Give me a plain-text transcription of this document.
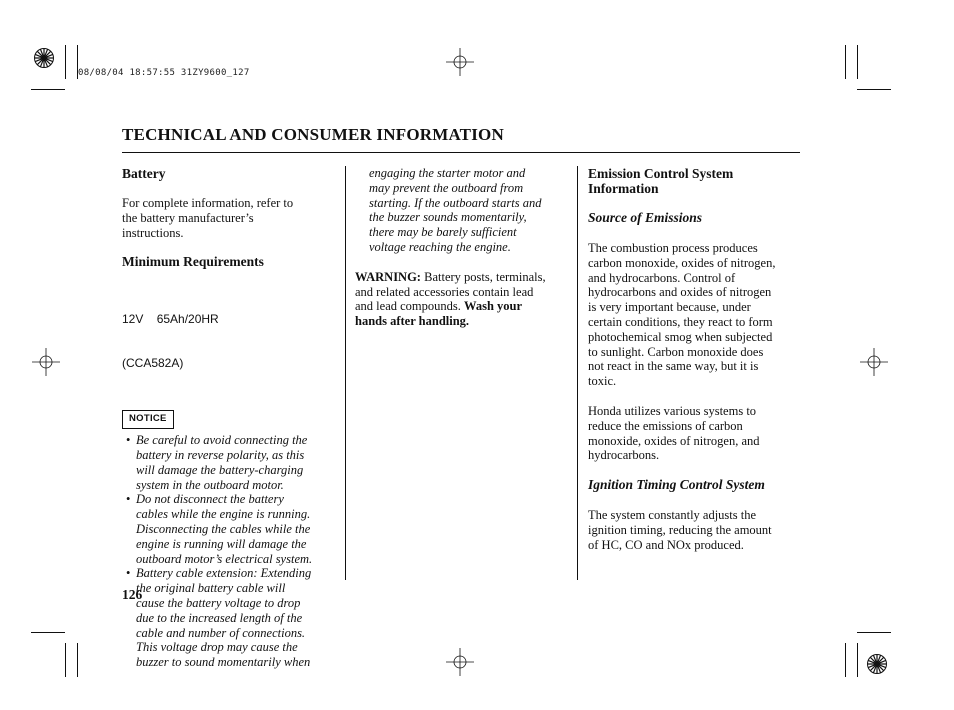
08/08/04 18:57:55 31ZY9600_127
TECHNICAL AND CONSUMER INFORMATION
Battery
For complete information, refer to
the battery manufacturer’s
instructions.
Minimum Requirements

12V    65Ah/20HR

(CCA582A)

NOTICE
• Be careful to avoid connecting the
battery in reverse polarity, as this
will damage the battery-charging
system in the outboard motor.
• Do not disconnect the battery
cables while the engine is running.
Disconnecting the cables while the
engine is running will damage the
outboard motor’s electrical system.
• Battery cable extension: Extending
the original battery cable will
cause the battery voltage to drop
due to the increased length of the
cable and number of connections.
This voltage drop may cause the
buzzer to sound momentarily when
engaging the starter motor and
may prevent the outboard from
starting. If the outboard starts and
the buzzer sounds momentarily,
there may be barely sufficient
voltage reaching the engine.
WARNING: Battery posts, terminals,
and related accessories contain lead
and lead compounds. Wash your
hands after handling.
Emission Control System
Information
Source of Emissions
The combustion process produces
carbon monoxide, oxides of nitrogen,
and hydrocarbons. Control of
hydrocarbons and oxides of nitrogen
is very important because, under
certain conditions, they react to form
photochemical smog when subjected
to sunlight. Carbon monoxide does
not react in the same way, but it is
toxic.
Honda utilizes various systems to
reduce the emissions of carbon
monoxide, oxides of nitrogen, and
hydrocarbons.
Ignition Timing Control System
The system constantly adjusts the
ignition timing, reducing the amount
of HC, CO and NOx produced.
126
